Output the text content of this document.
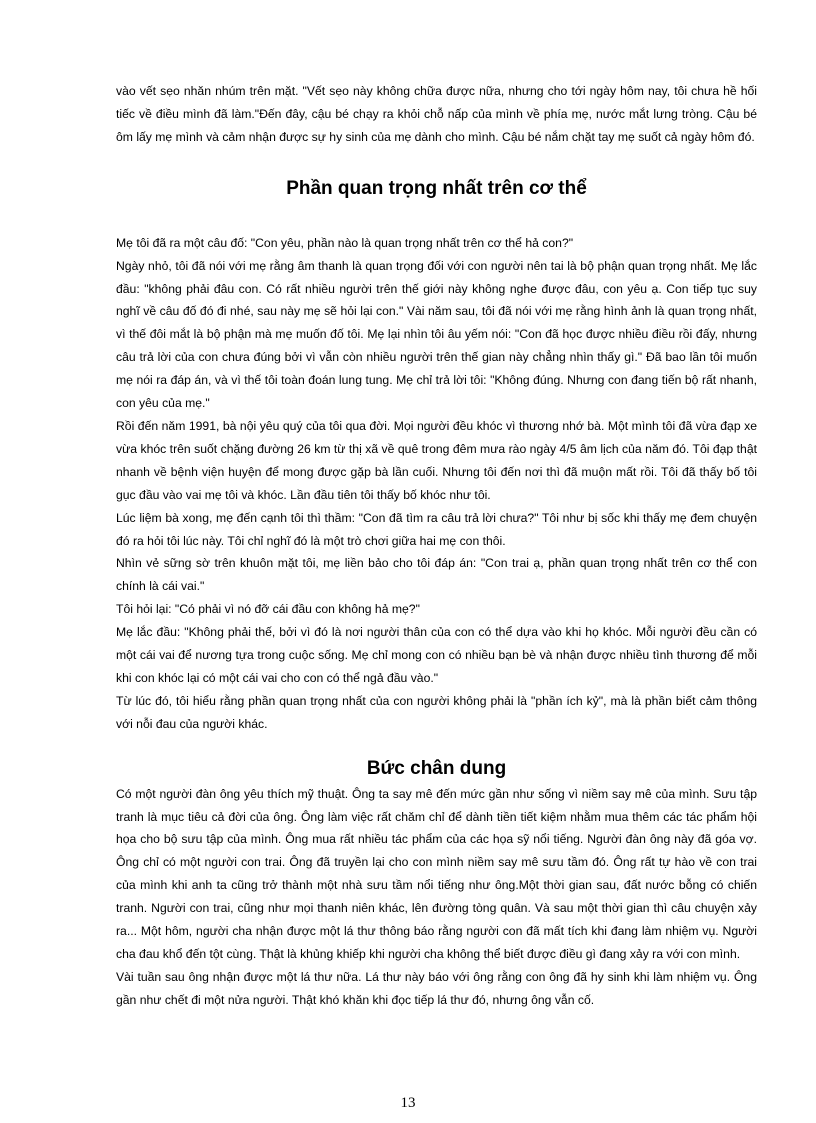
vào vết sẹo nhăn nhúm trên mặt. "Vết sẹo này không chữa được nữa, nhưng cho tới ngày hôm nay, tôi chưa hề hối tiếc về điều mình đã làm."Đến đây, cậu bé chạy ra khỏi chỗ nấp của mình về phía mẹ, nước mắt lưng tròng. Cậu bé ôm lấy mẹ mình và cảm nhận được sự hy sinh của mẹ dành cho mình. Cậu bé nắm chặt tay mẹ suốt cả ngày hôm đó.

Phần quan trọng nhất trên cơ thể

Mẹ tôi đã ra một câu đố: "Con yêu, phần nào là quan trọng nhất trên cơ thể hả con?"

Ngày nhỏ, tôi đã nói với mẹ rằng âm thanh là quan trọng đối với con người nên tai là bộ phận quan trọng nhất. Mẹ lắc đầu: "không phải đâu con. Có rất nhiều người trên thế giới này không nghe được đâu, con yêu ạ. Con tiếp tục suy nghĩ về câu đố đó đi nhé, sau này mẹ sẽ hỏi lại con." Vài năm sau, tôi đã nói với mẹ rằng hình ảnh là quan trọng nhất, vì thế đôi mắt là bộ phận mà mẹ muốn đố tôi. Mẹ lại nhìn tôi âu yếm nói: "Con đã học được nhiều điều rồi đấy, nhưng câu trả lời của con chưa đúng bởi vì vẫn còn nhiều người trên thế gian này chẳng nhìn thấy gì." Đã bao lần tôi muốn mẹ nói ra đáp án, và vì thế tôi toàn đoán lung tung. Mẹ chỉ trả lời tôi: "Không đúng. Nhưng con đang tiến bộ rất nhanh, con yêu của mẹ."

Rồi đến năm 1991, bà nội yêu quý của tôi qua đời. Mọi người đều khóc vì thương nhớ bà. Một mình tôi đã vừa đạp xe vừa khóc trên suốt chặng đường 26 km từ thị xã về quê trong đêm mưa rào ngày 4/5 âm lịch của năm đó. Tôi đạp thật nhanh về bệnh viện huyện để mong được gặp bà lần cuối. Nhưng tôi đến nơi thì đã muộn mất rồi. Tôi đã thấy bố tôi gục đầu vào vai mẹ tôi và khóc. Lần đầu tiên tôi thấy bố khóc như tôi.

Lúc liệm bà xong, mẹ đến cạnh tôi thì thầm: "Con đã tìm ra câu trả lời chưa?" Tôi như bị sốc khi thấy mẹ đem chuyện đó ra hỏi tôi lúc này. Tôi chỉ nghĩ đó là một trò chơi giữa hai mẹ con thôi.

Nhìn vẻ sững sờ trên khuôn mặt tôi, mẹ liền bảo cho tôi đáp án: "Con trai ạ, phần quan trọng nhất trên cơ thể con chính là cái vai."

Tôi hỏi lại: "Có phải vì nó đỡ cái đầu con không hả mẹ?"

Mẹ lắc đầu: "Không phải thế, bởi vì đó là nơi người thân của con có thể dựa vào khi họ khóc. Mỗi người đều cần có một cái vai để nương tựa trong cuộc sống. Mẹ chỉ mong con có nhiều bạn bè và nhận được nhiều tình thương để mỗi khi con khóc lại có một cái vai cho con có thể ngả đầu vào."

Từ lúc đó, tôi hiểu rằng phần quan trọng nhất của con người không phải là "phần ích kỷ", mà là phần biết cảm thông với nỗi đau của người khác.

Bức chân dung

Có một người đàn ông yêu thích mỹ thuật. Ông ta say mê đến mức gần như sống vì niềm say mê của mình. Sưu tập tranh là mục tiêu cả đời của ông. Ông làm việc rất chăm chỉ để dành tiền tiết kiệm nhằm mua thêm các tác phẩm hội họa cho bộ sưu tập của mình. Ông mua rất nhiều tác phẩm của các họa sỹ nổi tiếng. Người đàn ông này đã góa vợ. Ông chỉ có một người con trai. Ông đã truyền lại cho con mình niềm say mê sưu tầm đó. Ông rất tự hào về con trai của mình khi anh ta cũng trở thành một nhà sưu tầm nổi tiếng như ông.Một thời gian sau, đất nước bỗng có chiến tranh. Người con trai, cũng như mọi thanh niên khác, lên đường tòng quân. Và sau một thời gian thì câu chuyện xảy ra... Một hôm, người cha nhận được một lá thư thông báo rằng người con đã mất tích khi đang làm nhiệm vụ. Người cha đau khổ đến tột cùng. Thật là khủng khiếp khi người cha không thể biết được điều gì đang xảy ra với con mình.

Vài tuần sau ông nhận được một lá thư nữa. Lá thư này báo với ông rằng con ông đã hy sinh khi làm nhiệm vụ. Ông gần như chết đi một nửa người. Thật khó khăn khi đọc tiếp lá thư đó, nhưng ông vẫn cố.

13
